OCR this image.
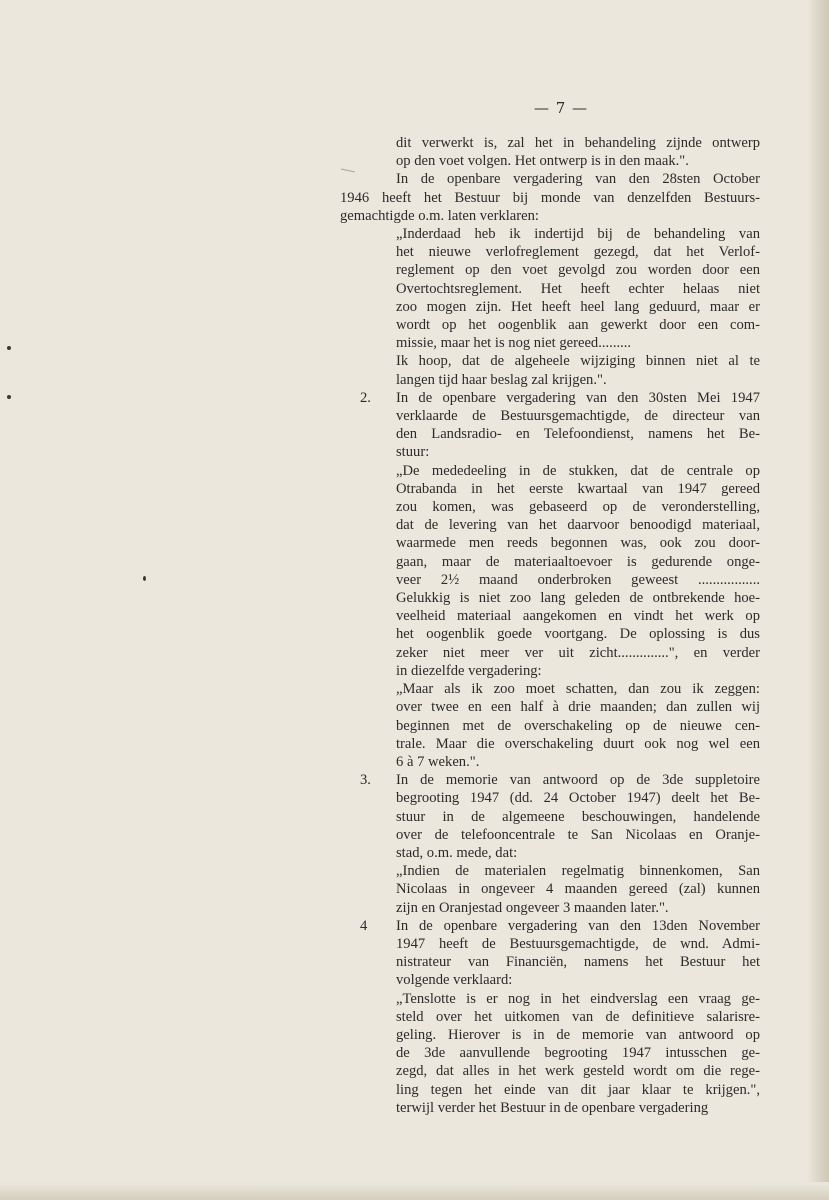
— 7 —
dit verwerkt is, zal het in behandeling zijnde ontwerp
op den voet volgen. Het ontwerp is in den maak.".
In de openbare vergadering van den 28sten October
1946 heeft het Bestuur bij monde van denzelfden Bestuurs-
gemachtigde o.m. laten verklaren:
„Inderdaad heb ik indertijd bij de behandeling van
het nieuwe verlofreglement gezegd, dat het Verlof-
reglement op den voet gevolgd zou worden door een
Overtochtsreglement. Het heeft echter helaas niet
zoo mogen zijn. Het heeft heel lang geduurd, maar er
wordt op het oogenblik aan gewerkt door een com-
missie, maar het is nog niet gereed.........
Ik hoop, dat de algeheele wijziging binnen niet al te
langen tijd haar beslag zal krijgen.".
2.	In de openbare vergadering van den 30sten Mei 1947
verklaarde de Bestuursgemachtigde, de directeur van
den Landsradio- en Telefoondienst, namens het Be-
stuur:
„De mededeeling in de stukken, dat de centrale op
Otrabanda in het eerste kwartaal van 1947 gereed
zou komen, was gebaseerd op de veronderstelling,
dat de levering van het daarvoor benoodigd materiaal,
waarmede men reeds begonnen was, ook zou door-
gaan, maar de materiaaltoevoer is gedurende onge-
veer 2½ maand onderbroken geweest .................
Gelukkig is niet zoo lang geleden de ontbrekende hoe-
veelheid materiaal aangekomen en vindt het werk op
het oogenblik goede voortgang. De oplossing is dus
zeker niet meer ver uit zicht..............", en verder
in diezelfde vergadering:
„Maar als ik zoo moet schatten, dan zou ik zeggen:
over twee en een half à drie maanden; dan zullen wij
beginnen met de overschakeling op de nieuwe cen-
trale. Maar die overschakeling duurt ook nog wel een
6 à 7 weken.".
3.	In de memorie van antwoord op de 3de suppletoire
begrooting 1947 (dd. 24 October 1947) deelt het Be-
stuur in de algemeene beschouwingen, handelende
over de telefooncentrale te San Nicolaas en Oranje-
stad, o.m. mede, dat:
„Indien de materialen regelmatig binnenkomen, San
Nicolaas in ongeveer 4 maanden gereed (zal) kunnen
zijn en Oranjestad ongeveer 3 maanden later.".
4	In de openbare vergadering van den 13den November
1947 heeft de Bestuursgemachtigde, de wnd. Admi-
nistrateur van Financiën, namens het Bestuur het
volgende verklaard:
„Tenslotte is er nog in het eindverslag een vraag ge-
steld over het uitkomen van de definitieve salarisre-
geling. Hierover is in de memorie van antwoord op
de 3de aanvullende begrooting 1947 intusschen ge-
zegd, dat alles in het werk gesteld wordt om die rege-
ling tegen het einde van dit jaar klaar te krijgen.",
terwijl verder het Bestuur in de openbare vergadering
